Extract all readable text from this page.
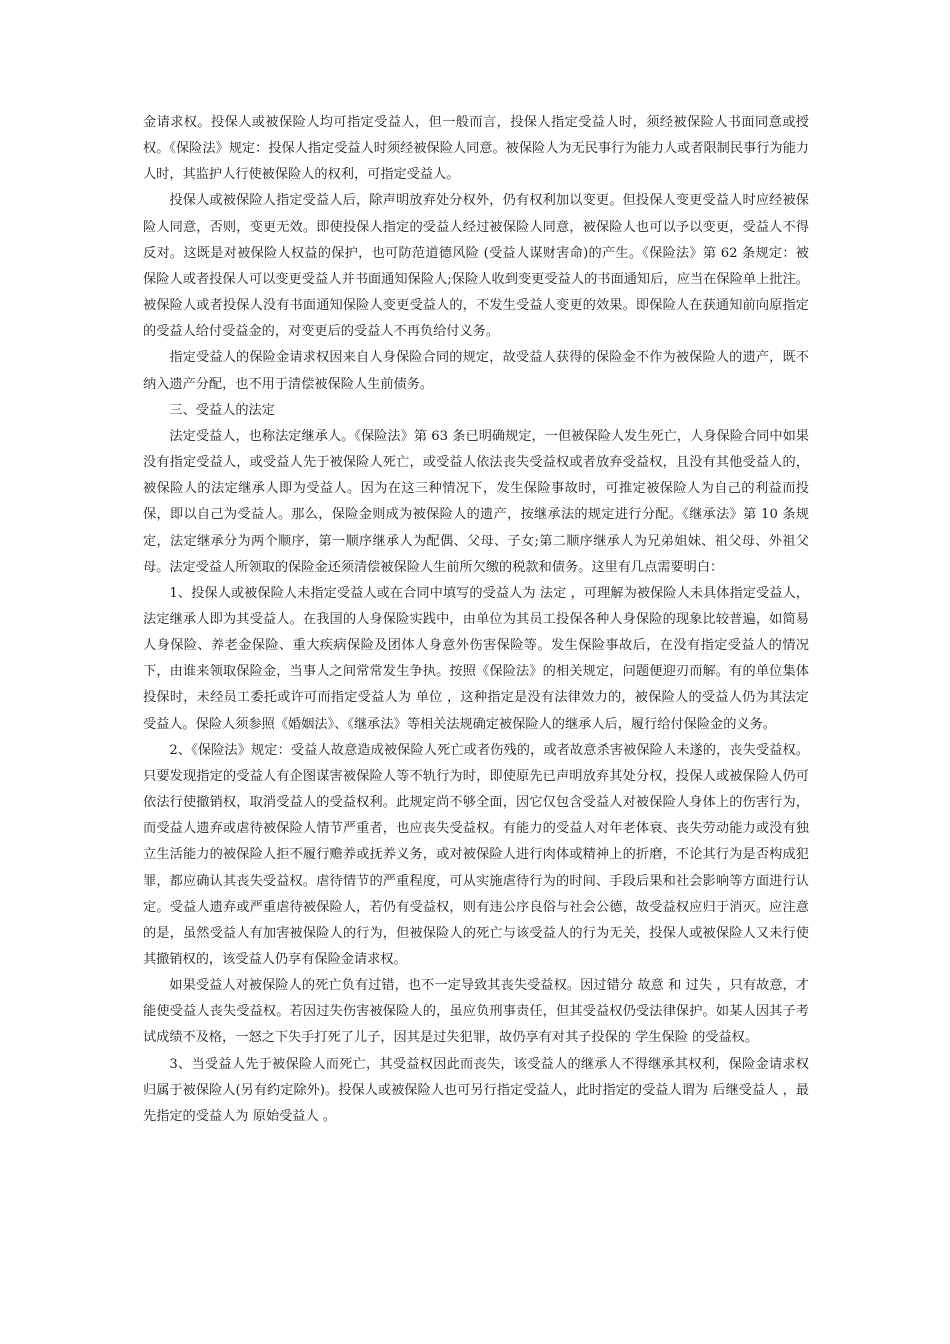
金请求权。投保人或被保险人均可指定受益人，但一般而言，投保人指定受益人时，须经被保险人书面同意或授权。《保险法》规定：投保人指定受益人时须经被保险人同意。被保险人为无民事行为能力人或者限制民事行为能力人时，其监护人行使被保险人的权利，可指定受益人。

投保人或被保险人指定受益人后，除声明放弃处分权外，仍有权利加以变更。但投保人变更受益人时应经被保险人同意，否则，变更无效。即使投保人指定的受益人经过被保险人同意，被保险人也可以予以变更，受益人不得反对。这既是对被保险人权益的保护，也可防范道德风险 (受益人谋财害命)的产生。《保险法》第 62 条规定：被保险人或者投保人可以变更受益人并书面通知保险人;保险人收到变更受益人的书面通知后，应当在保险单上批注。被保险人或者投保人没有书面通知保险人变更受益人的，不发生受益人变更的效果。即保险人在获通知前向原指定的受益人给付受益金的，对变更后的受益人不再负给付义务。

指定受益人的保险金请求权因来自人身保险合同的规定，故受益人获得的保险金不作为被保险人的遗产，既不纳入遗产分配，也不用于清偿被保险人生前债务。

三、受益人的法定

法定受益人，也称法定继承人。《保险法》第 63 条已明确规定，一但被保险人发生死亡，人身保险合同中如果没有指定受益人，或受益人先于被保险人死亡，或受益人依法丧失受益权或者放弃受益权，且没有其他受益人的，被保险人的法定继承人即为受益人。因为在这三种情况下，发生保险事故时，可推定被保险人为自己的利益而投保，即以自己为受益人。那么，保险金则成为被保险人的遗产，按继承法的规定进行分配。《继承法》第 10 条规定，法定继承分为两个顺序，第一顺序继承人为配偶、父母、子女;第二顺序继承人为兄弟姐妹、祖父母、外祖父母。法定受益人所领取的保险金还须清偿被保险人生前所欠缴的税款和债务。这里有几点需要明白：

1、投保人或被保险人未指定受益人或在合同中填写的受益人为 法定 ，可理解为被保险人未具体指定受益人，法定继承人即为其受益人。在我国的人身保险实践中，由单位为其员工投保各种人身保险的现象比较普遍，如简易人身保险、养老金保险、重大疾病保险及团体人身意外伤害保险等。发生保险事故后，在没有指定受益人的情况下，由谁来领取保险金，当事人之间常常发生争执。按照《保险法》的相关规定，问题便迎刃而解。有的单位集体投保时，未经员工委托或许可而指定受益人为 单位 ，这种指定是没有法律效力的，被保险人的受益人仍为其法定受益人。保险人须参照《婚姻法》、《继承法》等相关法规确定被保险人的继承人后，履行给付保险金的义务。

2、《保险法》规定：受益人故意造成被保险人死亡或者伤残的，或者故意杀害被保险人未遂的，丧失受益权。只要发现指定的受益人有企图谋害被保险人等不轨行为时，即使原先已声明放弃其处分权，投保人或被保险人仍可依法行使撤销权，取消受益人的受益权利。此规定尚不够全面，因它仅包含受益人对被保险人身体上的伤害行为，而受益人遗弃或虐待被保险人情节严重者，也应丧失受益权。有能力的受益人对年老体衰、丧失劳动能力或没有独立生活能力的被保险人拒不履行赡养或抚养义务，或对被保险人进行肉体或精神上的折磨，不论其行为是否构成犯罪，都应确认其丧失受益权。虐待情节的严重程度，可从实施虐待行为的时间、手段后果和社会影响等方面进行认定。受益人遗弃或严重虐待被保险人，若仍有受益权，则有违公序良俗与社会公德，故受益权应归于消灭。应注意的是，虽然受益人有加害被保险人的行为，但被保险人的死亡与该受益人的行为无关，投保人或被保险人又未行使其撤销权的，该受益人仍享有保险金请求权。

如果受益人对被保险人的死亡负有过错，也不一定导致其丧失受益权。因过错分 故意 和 过失 ，只有故意，才能使受益人丧失受益权。若因过失伤害被保险人的，虽应负刑事责任，但其受益权仍受法律保护。如某人因其子考试成绩不及格，一怒之下失手打死了儿子，因其是过失犯罪，故仍享有对其子投保的 学生保险 的受益权。

3、当受益人先于被保险人而死亡，其受益权因此而丧失，该受益人的继承人不得继承其权利，保险金请求权归属于被保险人(另有约定除外)。投保人或被保险人也可另行指定受益人，此时指定的受益人谓为 后继受益人 ，最先指定的受益人为 原始受益人 。
